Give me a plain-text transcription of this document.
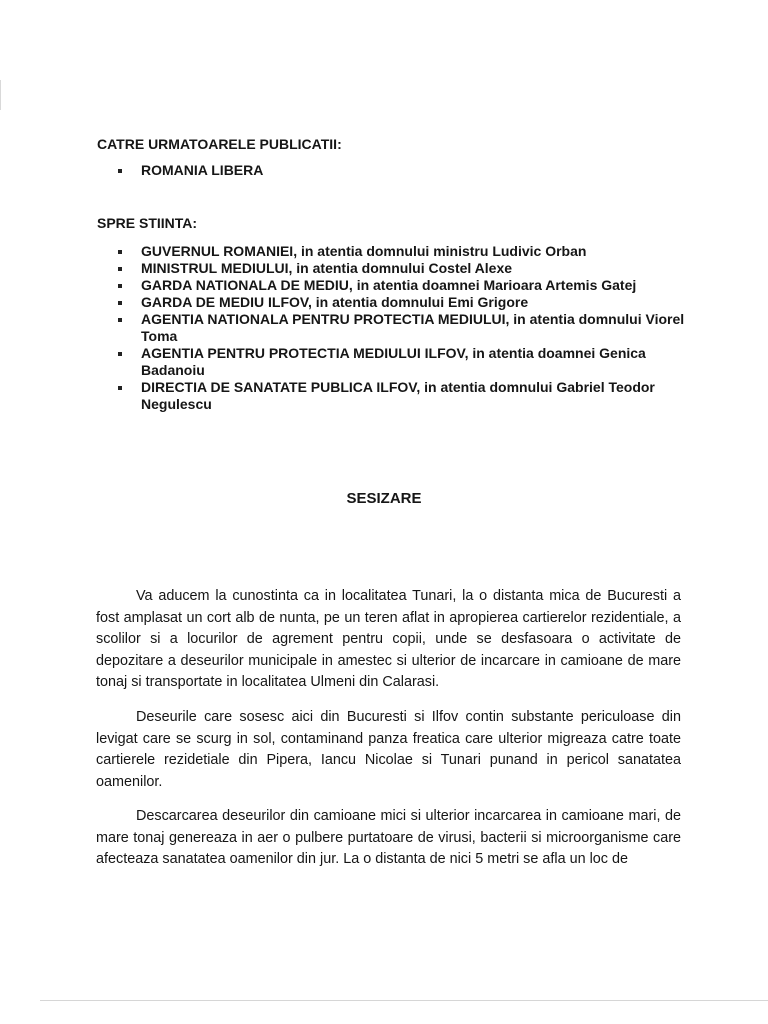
CATRE URMATOARELE PUBLICATII:
ROMANIA LIBERA
SPRE STIINTA:
GUVERNUL ROMANIEI, in atentia domnului ministru Ludivic Orban
MINISTRUL MEDIULUI, in atentia domnului Costel Alexe
GARDA NATIONALA DE MEDIU, in atentia doamnei Marioara Artemis Gatej
GARDA DE MEDIU ILFOV, in atentia domnului Emi Grigore
AGENTIA NATIONALA PENTRU PROTECTIA MEDIULUI, in atentia domnului Viorel Toma
AGENTIA PENTRU PROTECTIA MEDIULUI ILFOV, in atentia doamnei Genica Badanoiu
DIRECTIA DE SANATATE PUBLICA ILFOV, in atentia domnului Gabriel Teodor Negulescu
SESIZARE

Va aducem la cunostinta ca in localitatea Tunari, la o distanta mica de Bucuresti a fost amplasat un cort alb de nunta, pe un teren aflat in apropierea cartierelor rezidentiale, a scolilor si a locurilor de agrement pentru copii, unde se desfasoara o activitate de depozitare a deseurilor municipale in amestec si ulterior de incarcare in camioane de mare tonaj si transportate in localitatea Ulmeni din Calarasi.

Deseurile care sosesc aici din Bucuresti si Ilfov contin substante periculoase din levigat care se scurg in sol, contaminand panza freatica care ulterior migreaza catre toate cartierele rezidetiale din Pipera, Iancu Nicolae si Tunari punand in pericol sanatatea oamenilor.

Descarcarea deseurilor din camioane mici si ulterior incarcarea in camioane mari, de mare tonaj genereaza in aer o pulbere purtatoare de virusi, bacterii si microorganisme care afecteaza sanatatea oamenilor din jur. La o distanta de nici 5 metri se afla un loc de
